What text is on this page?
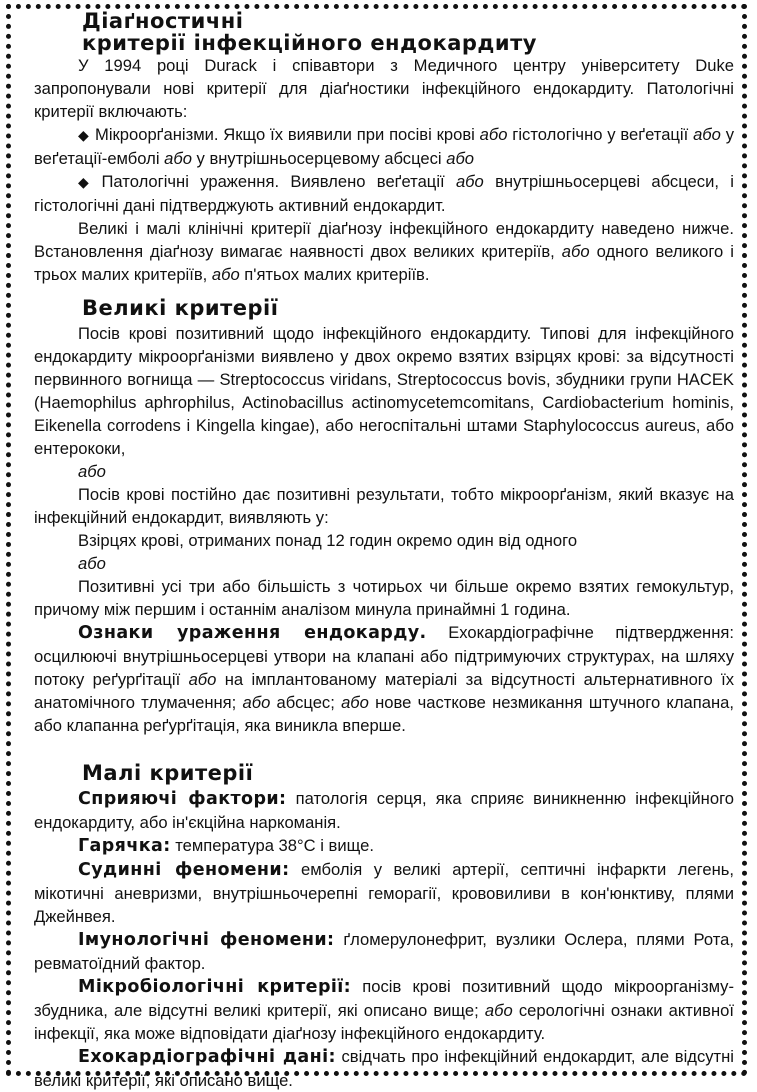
Діаґностичні
критерії інфекційного ендокардиту

У 1994 році Durack і співавтори з Медичного центру університету Duke запропонували нові критерії для діаґностики інфекційного ендокардиту. Патологічні критерії включають:

◆ Мікроорґанізми. Якщо їх виявили при посіві крові або гістологічно у веґетації або у веґетації-емболі або у внутрішньосерцевому абсцесі або

◆ Патологічні ураження. Виявлено веґетації або внутрішньосерцеві абсцеси, і гістологічні дані підтверджують активний ендокардит.

Великі і малі клінічні критерії діаґнозу інфекційного ендокардиту наведено нижче. Встановлення діаґнозу вимагає наявності двох великих критеріїв, або одного великого і трьох малих критеріїв, або п'ятьох малих критеріїв.

Великі критерії

Посів крові позитивний щодо інфекційного ендокардиту. Типові для інфекційного ендокардиту мікроорґанізми виявлено у двох окремо взятих взірцях крові: за відсутності первинного вогнища — Streptococcus viridans, Streptococcus bovis, збудники групи HACEK (Haemophilus aphrophilus, Actinobacillus actinomycetemcomitans, Cardiobacterium hominis, Eikenella corrodens і Kingella kingae), або негоспітальні штами Staphylococcus aureus, або ентерококи,

або

Посів крові постійно дає позитивні результати, тобто мікроорґанізм, який вказує на інфекційний ендокардит, виявляють у:

Взірцях крові, отриманих понад 12 годин окремо один від одного

або

Позитивні усі три або більшість з чотирьох чи більше окремо взятих гемокультур, причому між першим і останнім аналізом минула принаймні 1 година.

Ознаки ураження ендокарду. Ехокардіографічне підтвердження: осцилюючі внутрішньосерцеві утвори на клапані або підтримуючих структурах, на шляху потоку реґурґітації або на імплантованому матеріалі за відсутності альтернативного їх анатомічного тлумачення; або абсцес; або нове часткове незмикання штучного клапана, або клапанна реґурґітація, яка виникла вперше.

Малі критерії

Сприяючі фактори: патологія серця, яка сприяє виникненню інфекційного ендокардиту, або ін'єкційна наркоманія.

Гарячка: температура 38°С і вище.

Судинні феномени: емболія у великі артерії, септичні інфаркти легень, мікотичні аневризми, внутрішньочерепні геморагії, крововиливи в кон'юнктиву, плями Джейнвея.

Імунологічні феномени: ґломерулонефрит, вузлики Ослера, плями Рота, ревматоїдний фактор.

Мікробіологічні критерії: посів крові позитивний щодо мікроорганізму-збудника, але відсутні великі критерії, які описано вище; або серологічні ознаки активної інфекції, яка може відповідати діаґнозу інфекційного ендокардиту.

Ехокардіографічні дані: свідчать про інфекційний ендокардит, але відсутні великі критерії, які описано вище.
